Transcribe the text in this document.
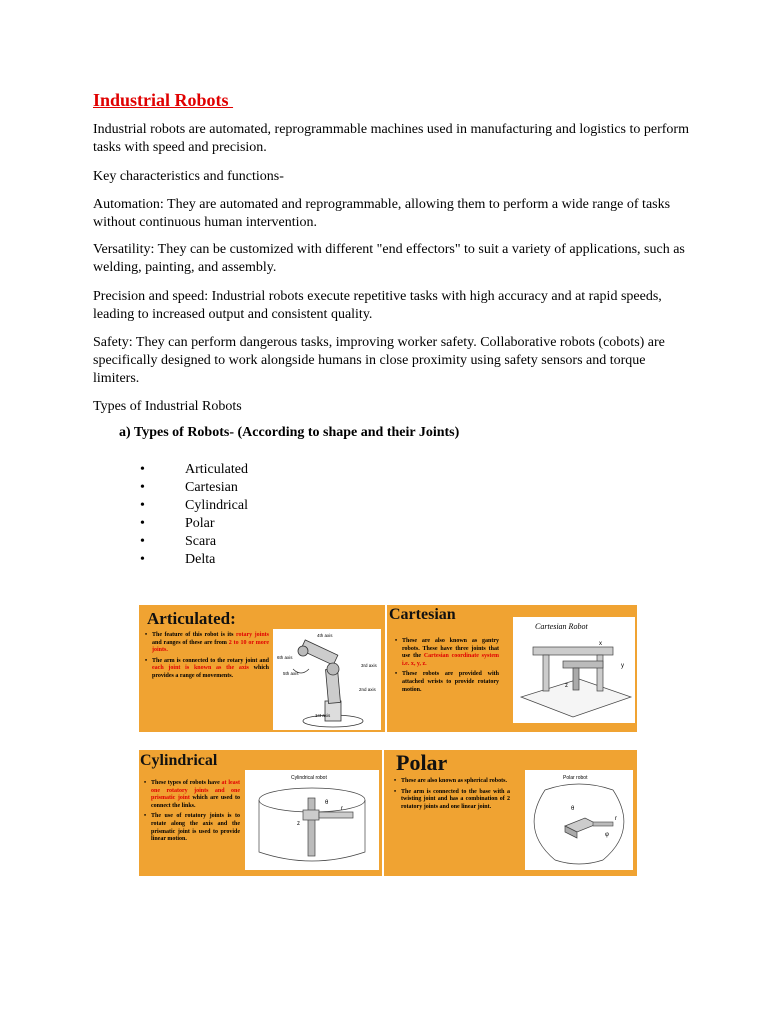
Industrial Robots

Industrial robots are automated, reprogrammable machines used in manufacturing and logistics to perform tasks with speed and precision.

Key characteristics and functions-

Automation: They are automated and reprogrammable, allowing them to perform a wide range of tasks without continuous human intervention.

Versatility: They can be customized with different "end effectors" to suit a variety of applications, such as welding, painting, and assembly.

Precision and speed: Industrial robots execute repetitive tasks with high accuracy and at rapid speeds, leading to increased output and consistent quality.

Safety: They can perform dangerous tasks, improving worker safety. Collaborative robots (cobots) are specifically designed to work alongside humans in close proximity using safety sensors and torque limiters.

Types of Industrial Robots

a) Types of Robots- (According to shape and their Joints)

•	Articulated
•	Cartesian
•	Cylindrical
•	Polar
•	Scara
•	Delta

Articulated:

• The feature of this robot is its rotary joints and ranges of these are from 2 to 10 or more joints.
• The arm is connected to the rotary joint and each joint is known as the axis which provides a range of movements.
4th axis
6th axis
5th axis
3rd axis
2nd axis
1st axis

Cartesian

• These are also known as gantry robots. These have three joints that use the Cartesian coordinate system i.e. x, y, z.
• These robots are provided with attached wrists to provide rotatory motion.
Cartesian Robot
x
y
z

Cylindrical

• These types of robots have at least one rotatory joints and one prismatic joint which are used to connect the links.
• The use of rotatory joints is to rotate along the axis and the prismatic joint is used to provide linear motion.
Cylindrical robot
θ
z
r

Polar

• These are also known as spherical robots.
• The arm is connected to the base with a twisting joint and has a combination of 2 rotatory joints and one linear joint.
Polar robot
θ
φ
r
